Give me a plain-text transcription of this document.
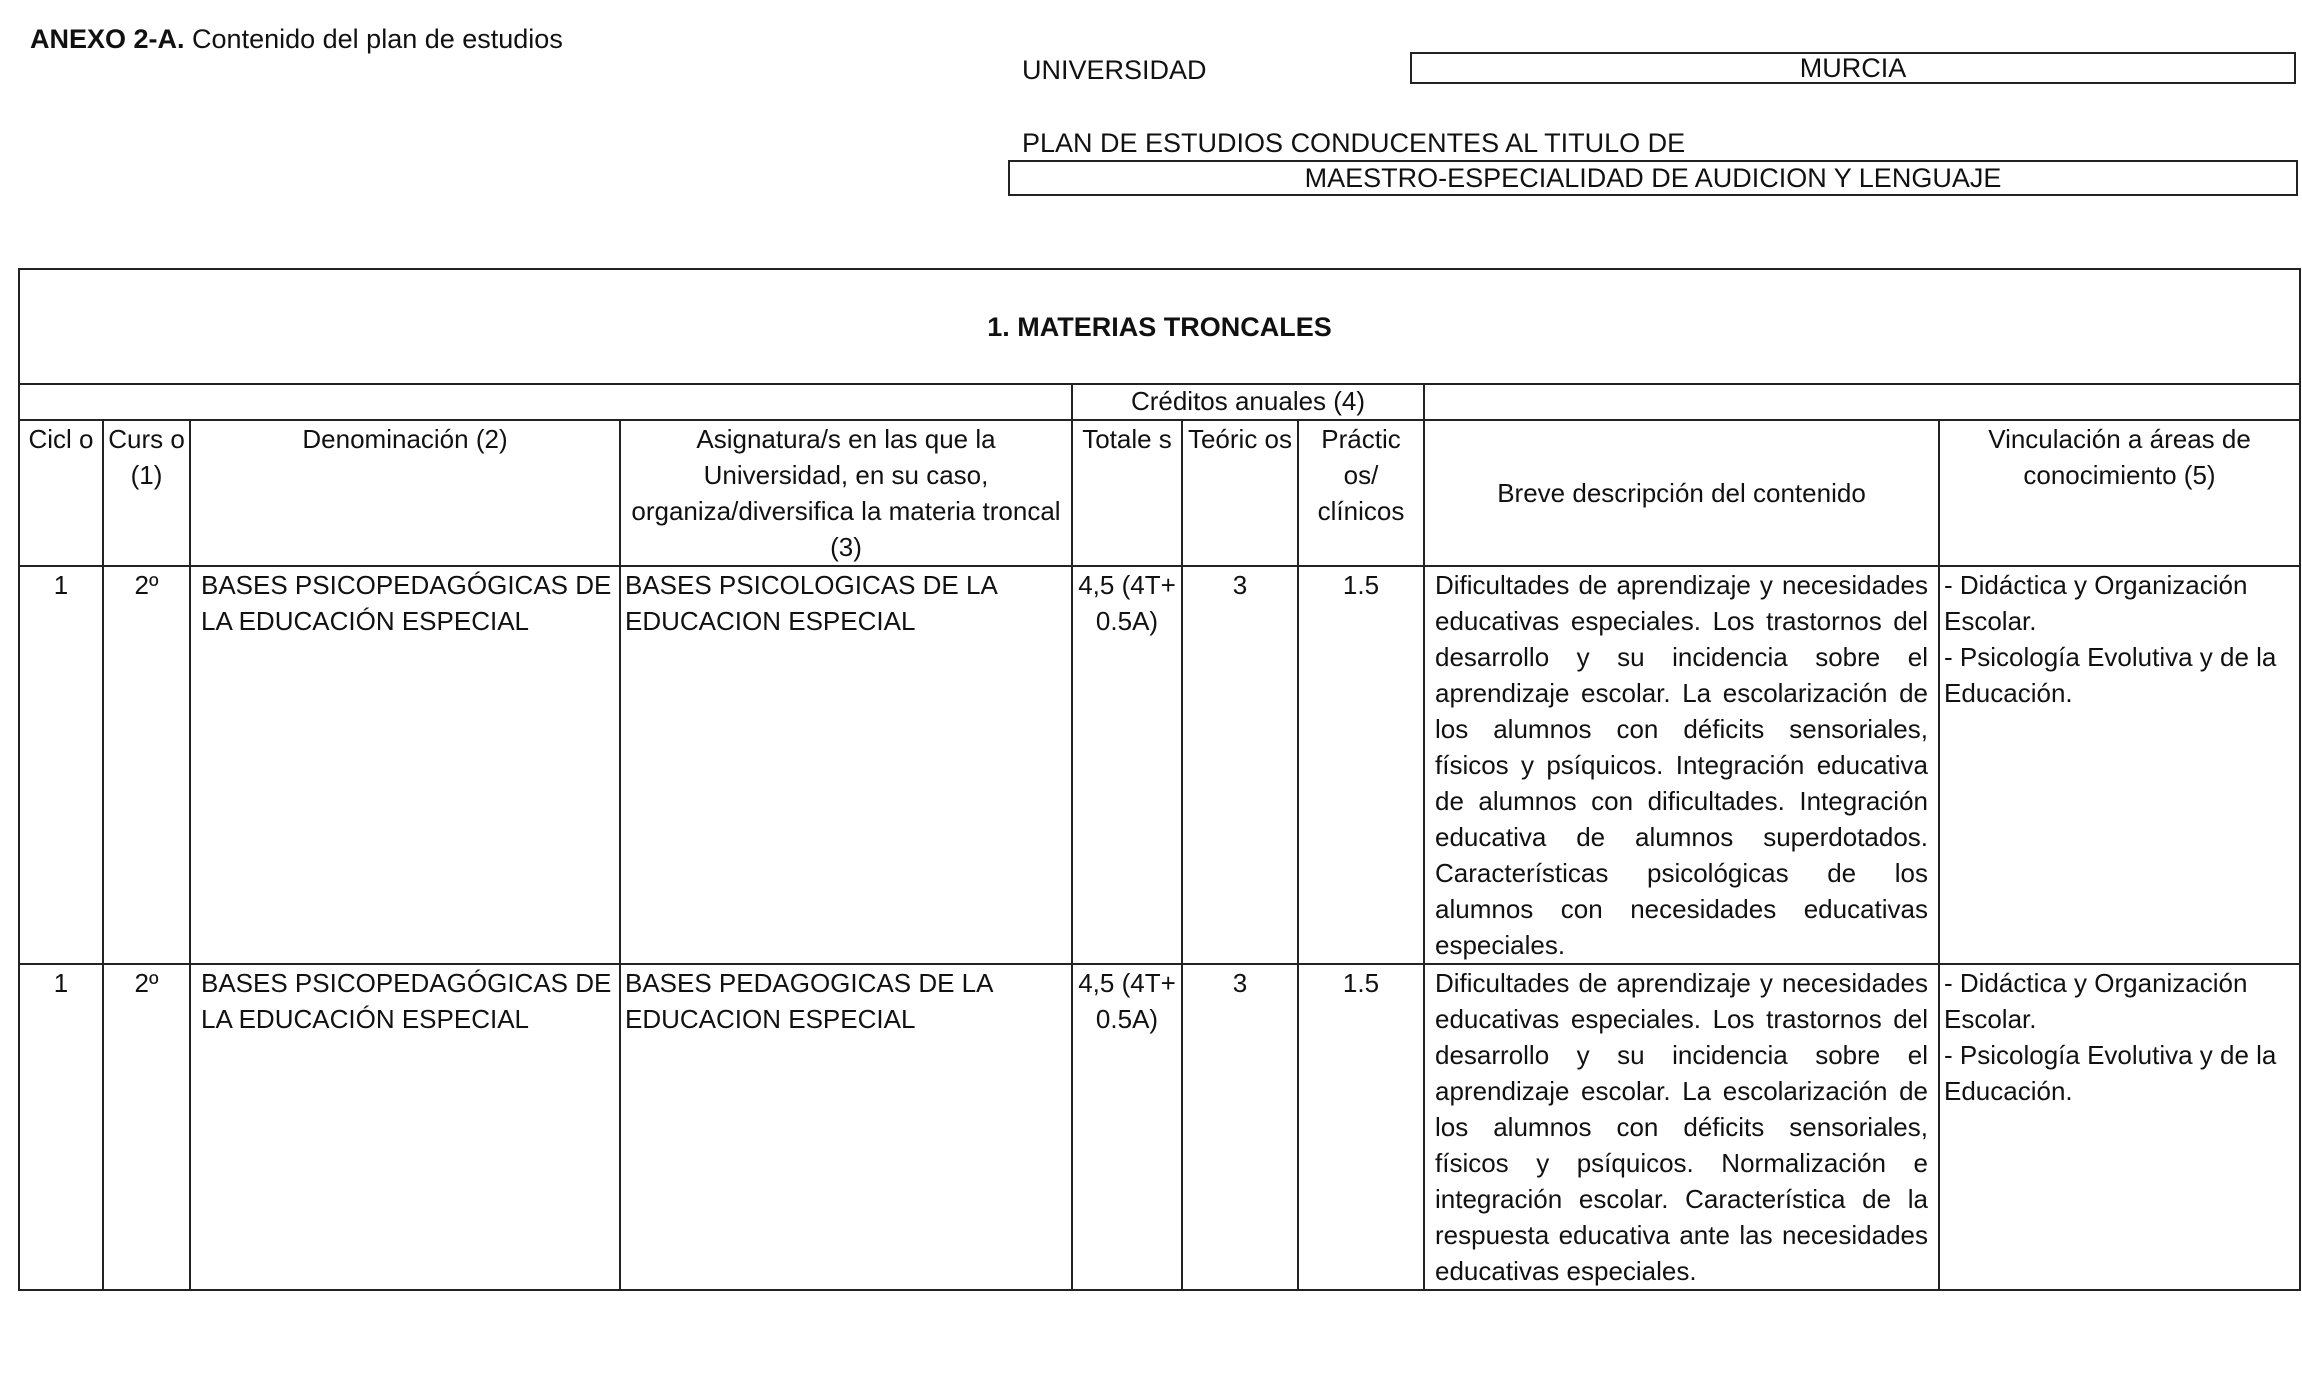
ANEXO 2-A. Contenido del plan de estudios
UNIVERSIDAD	MURCIA
PLAN DE ESTUDIOS CONDUCENTES AL TITULO DE
MAESTRO-ESPECIALIDAD DE AUDICION Y LENGUAJE
1. MATERIAS TRONCALES								
				Créditos anuales (4)				
Cicl o	Curs o (1)	Denominación (2)	Asignatura/s en las que la Universidad, en su caso, organiza/diversifica la materia troncal (3)	Totale s	Teóric os	Práctic os/ clínicos	Breve descripción del contenido	Vinculación a áreas de conocimiento (5)
1	2º	BASES PSICOPEDAGÓGICAS DE LA EDUCACIÓN ESPECIAL	BASES PSICOLOGICAS DE LA EDUCACION ESPECIAL	4,5 (4T+ 0.5A)	3	1.5	Dificultades de aprendizaje y necesidades educativas especiales. Los trastornos del desarrollo y su incidencia sobre el aprendizaje escolar. La escolarización de los alumnos con déficits sensoriales, físicos y psíquicos. Integración educativa de alumnos con dificultades. Integración educativa de alumnos superdotados. Características psicológicas de los alumnos con necesidades educativas especiales.	- Didáctica y Organización Escolar.
- Psicología Evolutiva y de la Educación.

1	2º	BASES PSICOPEDAGÓGICAS DE LA EDUCACIÓN ESPECIAL	BASES PEDAGOGICAS DE LA EDUCACION ESPECIAL	4,5 (4T+ 0.5A)	3	1.5	Dificultades de aprendizaje y necesidades educativas especiales. Los trastornos del desarrollo y su incidencia sobre el aprendizaje escolar. La escolarización de los alumnos con déficits sensoriales, físicos y psíquicos. Normalización e integración escolar. Característica de la respuesta educativa ante las necesidades educativas especiales.	- Didáctica y Organización Escolar.
- Psicología Evolutiva y de la Educación.
